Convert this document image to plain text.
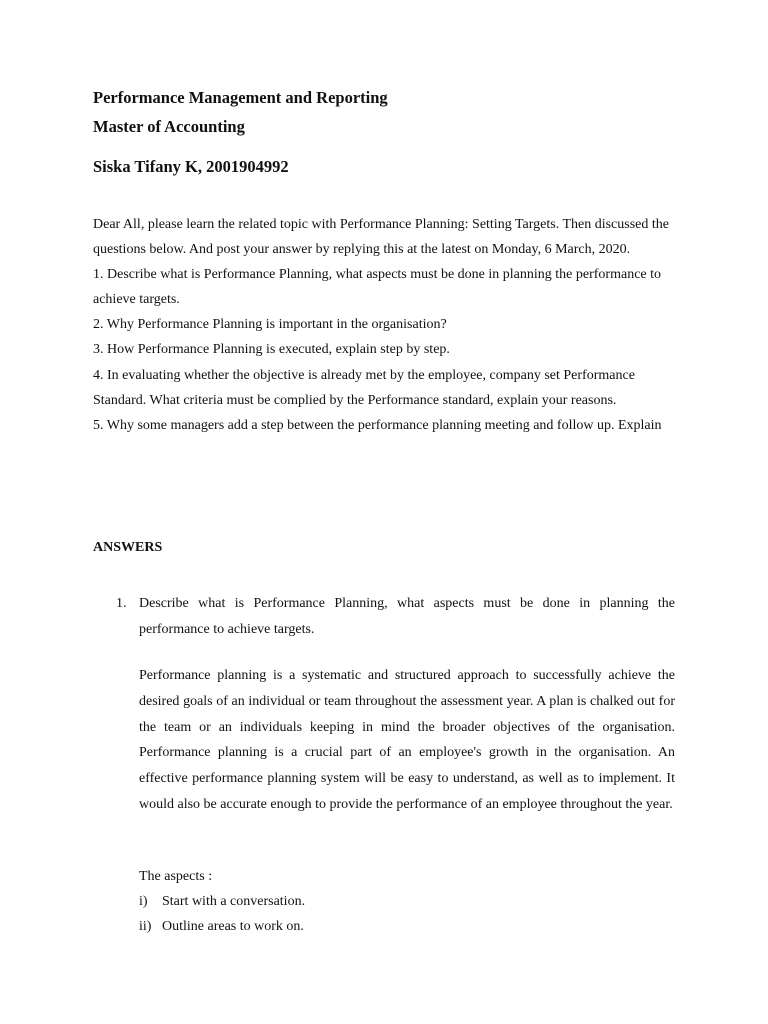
Performance Management and Reporting
Master of Accounting
Siska Tifany K, 2001904992

Dear All, please learn the related topic with Performance Planning: Setting Targets. Then discussed the questions below. And post your answer by replying this at the latest on Monday, 6 March, 2020.

1. Describe what is Performance Planning, what aspects must be done in planning the performance to achieve targets.

2. Why Performance Planning is important in the organisation?

3. How Performance Planning is executed, explain step by step.

4. In evaluating whether the objective is already met by the employee, company set Performance Standard. What criteria must be complied by the Performance standard, explain your reasons.

5. Why some managers add a step between the performance planning meeting and follow up. Explain

ANSWERS
1. Describe what is Performance Planning, what aspects must be done in planning the performance to achieve targets.
Performance planning is a systematic and structured approach to successfully achieve the desired goals of an individual or team throughout the assessment year. A plan is chalked out for the team or an individuals keeping in mind the broader objectives of the organisation. Performance planning is a crucial part of an employee's growth in the organisation. An effective performance planning system will be easy to understand, as well as to implement. It would also be accurate enough to provide the performance of an employee throughout the year.
The aspects :
i) Start with a conversation.
ii) Outline areas to work on.
